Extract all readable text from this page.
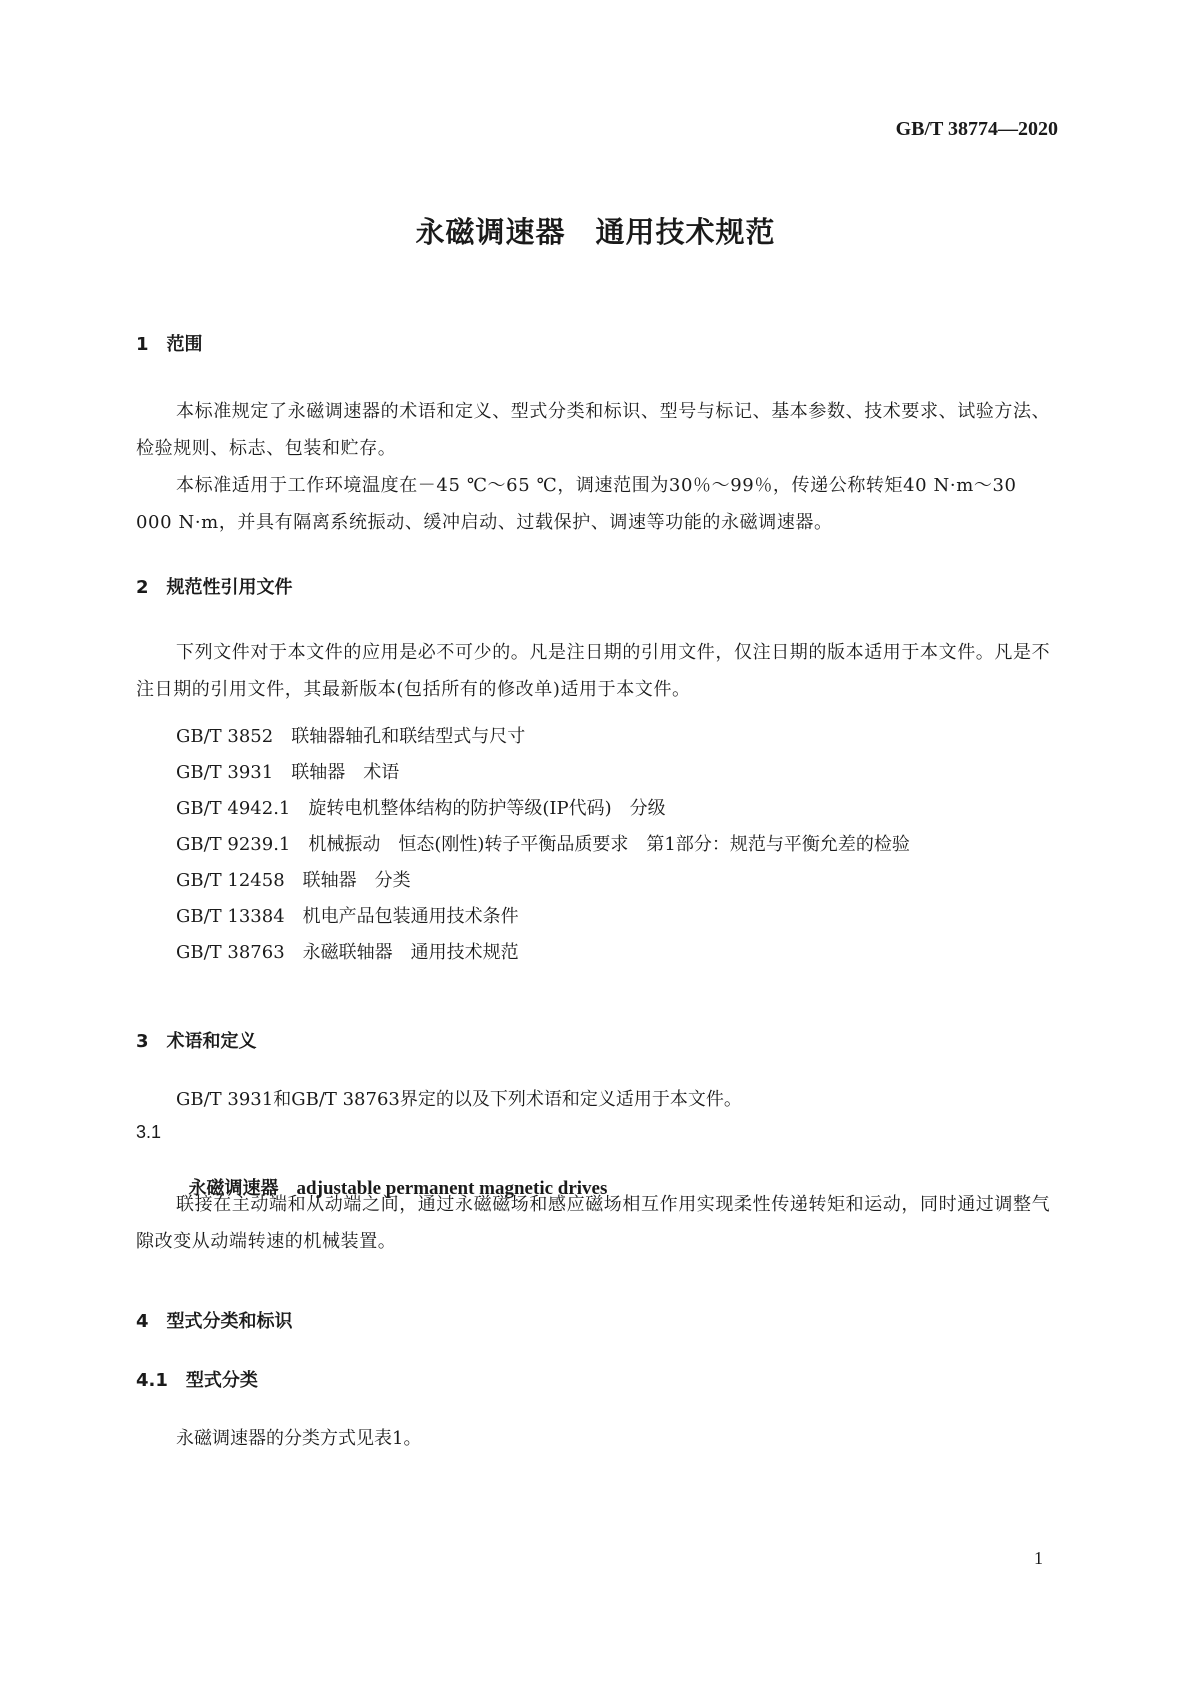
GB/T 38774—2020
永磁调速器　通用技术规范
1　范围
本标准规定了永磁调速器的术语和定义、型式分类和标识、型号与标记、基本参数、技术要求、试验方法、检验规则、标志、包装和贮存。
本标准适用于工作环境温度在－45 ℃～65 ℃，调速范围为30％～99％，传递公称转矩40 N·m～30 000 N·m，并具有隔离系统振动、缓冲启动、过载保护、调速等功能的永磁调速器。
2　规范性引用文件
下列文件对于本文件的应用是必不可少的。凡是注日期的引用文件，仅注日期的版本适用于本文件。凡是不注日期的引用文件，其最新版本(包括所有的修改单)适用于本文件。
GB/T 3852　联轴器轴孔和联结型式与尺寸
GB/T 3931　联轴器　术语
GB/T 4942.1　旋转电机整体结构的防护等级(IP代码)　分级
GB/T 9239.1　机械振动　恒态(刚性)转子平衡品质要求　第1部分：规范与平衡允差的检验
GB/T 12458　联轴器　分类
GB/T 13384　机电产品包装通用技术条件
GB/T 38763　永磁联轴器　通用技术规范
3　术语和定义
GB/T 3931和GB/T 38763界定的以及下列术语和定义适用于本文件。
3.1

永磁调速器　 adjustable permanent magnetic drives

联接在主动端和从动端之间，通过永磁磁场和感应磁场相互作用实现柔性传递转矩和运动，同时通过调整气隙改变从动端转速的机械装置。
4　型式分类和标识
4.1　型式分类
永磁调速器的分类方式见表1。
1
